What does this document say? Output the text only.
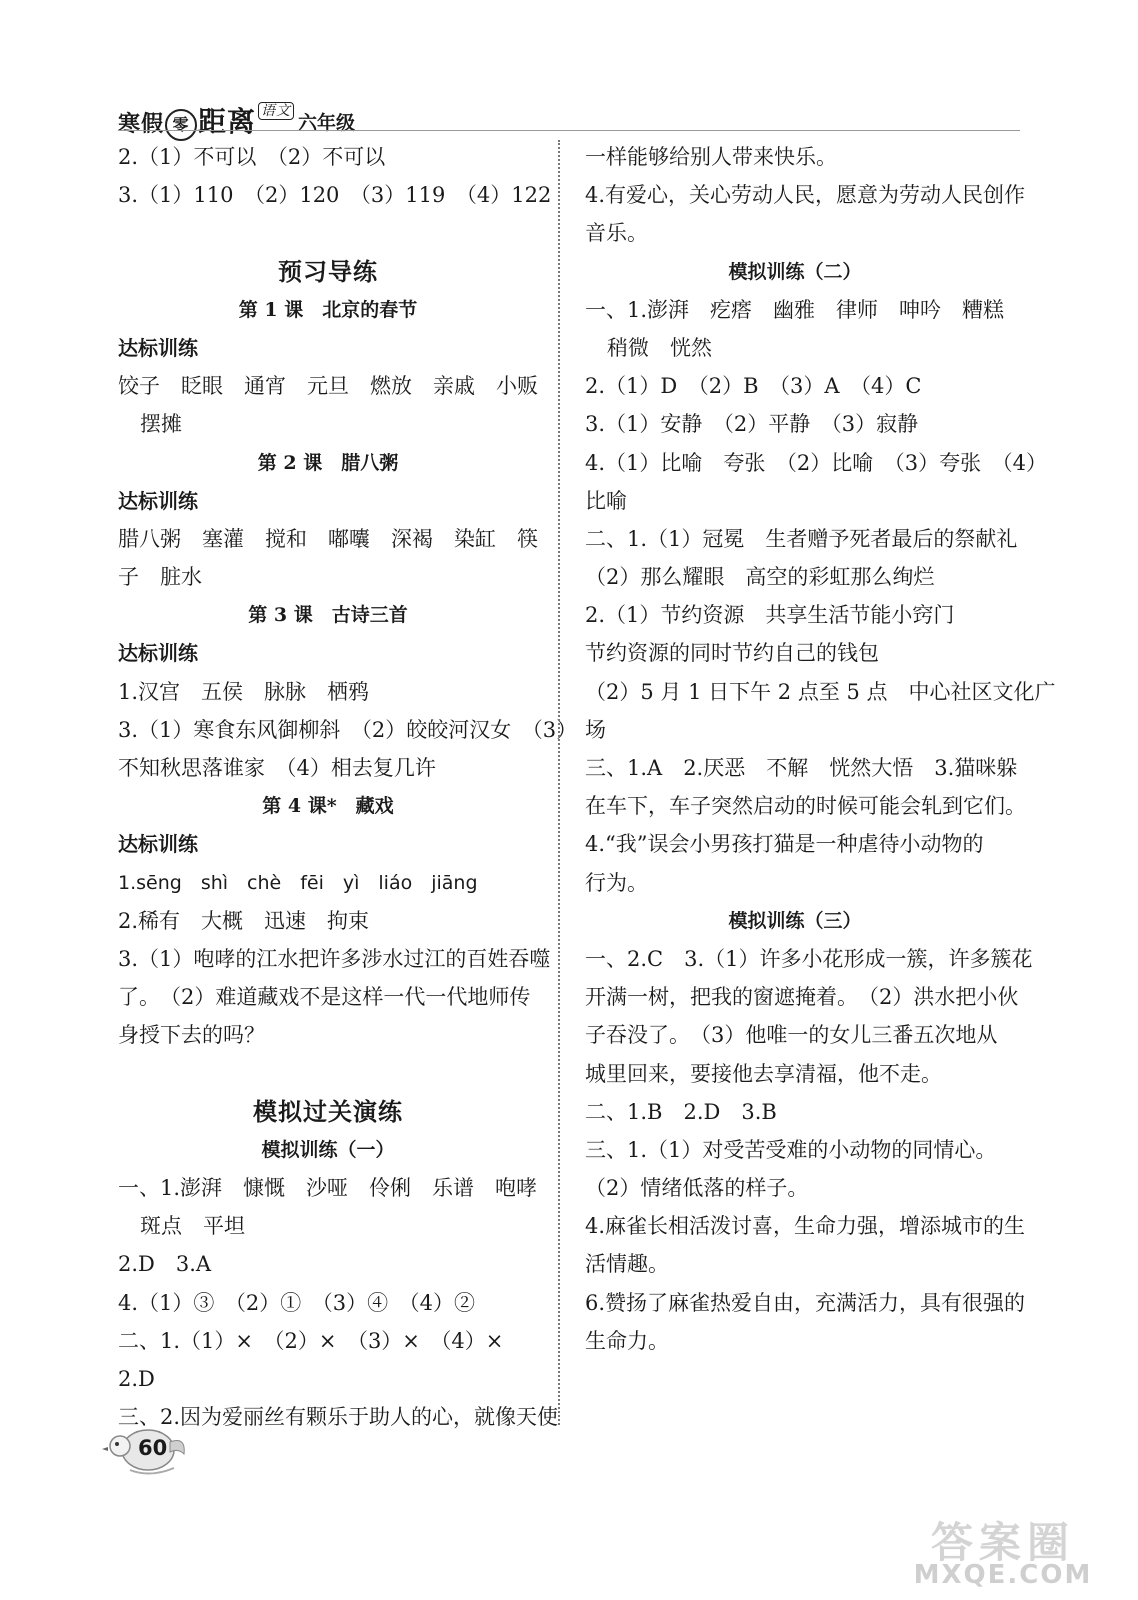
寒假 零 距离 $^{语文}$
六年级
2.（1）不可以　（2）不可以
3.（1）110　（2）120　（3）119　（4）122
预习导练
第 1 课　北京的春节
达标训练
饺子　眨眼　通宵　元旦　燃放　亲戚　小贩
摆摊
第 2 课　腊八粥
达标训练
腊八粥　塞灌　搅和　嘟囔　深褐　染缸　筷
子　脏水
第 3 课　古诗三首
达标训练
1.汉宫　五侯　脉脉　栖鸦
3.（1）寒食东风御柳斜　（2）皎皎河汉女　（3）
不知秋思落谁家　（4）相去复几许
第 4 课*　藏戏
达标训练
1.sēng　shì　chè　fēi　yì　liáo　jiāng
2.稀有　大概　迅速　拘束
3.（1）咆哮的江水把许多涉水过江的百姓吞噬
了。　（2）难道藏戏不是这样一代一代地师传
身授下去的吗？
模拟过关演练
模拟训练（一）
一、1.澎湃　慷慨　沙哑　伶俐　乐谱　咆哮
斑点　平坦
2.D　3.A
4.（1）③　（2）①　（3）④　（4）②
二、1.（1）×　（2）×　（3）×　（4）×
2.D
三、2.因为爱丽丝有颗乐于助人的心，就像天使
一样能够给别人带来快乐。
4.有爱心，关心劳动人民，愿意为劳动人民创作
音乐。
模拟训练（二）
一、1.澎湃　疙瘩　幽雅　律师　呻吟　糟糕
稍微　恍然
2.（1）D　（2）B　（3）A　（4）C
3.（1）安静　（2）平静　（3）寂静
4.（1）比喻　夸张　（2）比喻　（3）夸张　（4）
比喻
二、1.（1）冠冕　生者赠予死者最后的祭献礼
（2）那么耀眼　高空的彩虹那么绚烂
2.（1）节约资源　共享生活节能小窍门
节约资源的同时节约自己的钱包
（2）5 月 1 日下午 2 点至 5 点　中心社区文化广
场
三、1.A　2.厌恶　不解　恍然大悟　3.猫咪躲
在车下，车子突然启动的时候可能会轧到它们。
4.“我”误会小男孩打猫是一种虐待小动物的
行为。
模拟训练（三）
一、2.C　3.（1）许多小花形成一簇，许多簇花
开满一树，把我的窗遮掩着。　（2）洪水把小伙
子吞没了。　（3）他唯一的女儿三番五次地从
城里回来，要接他去享清福，他不走。
二、1.B　2.D　3.B
三、1.（1）对受苦受难的小动物的同情心。
（2）情绪低落的样子。
4.麻雀长相活泼讨喜，生命力强，增添城市的生
活情趣。
6.赞扬了麻雀热爱自由，充满活力，具有很强的
生命力。
60
答案圈
MXQE.COM
